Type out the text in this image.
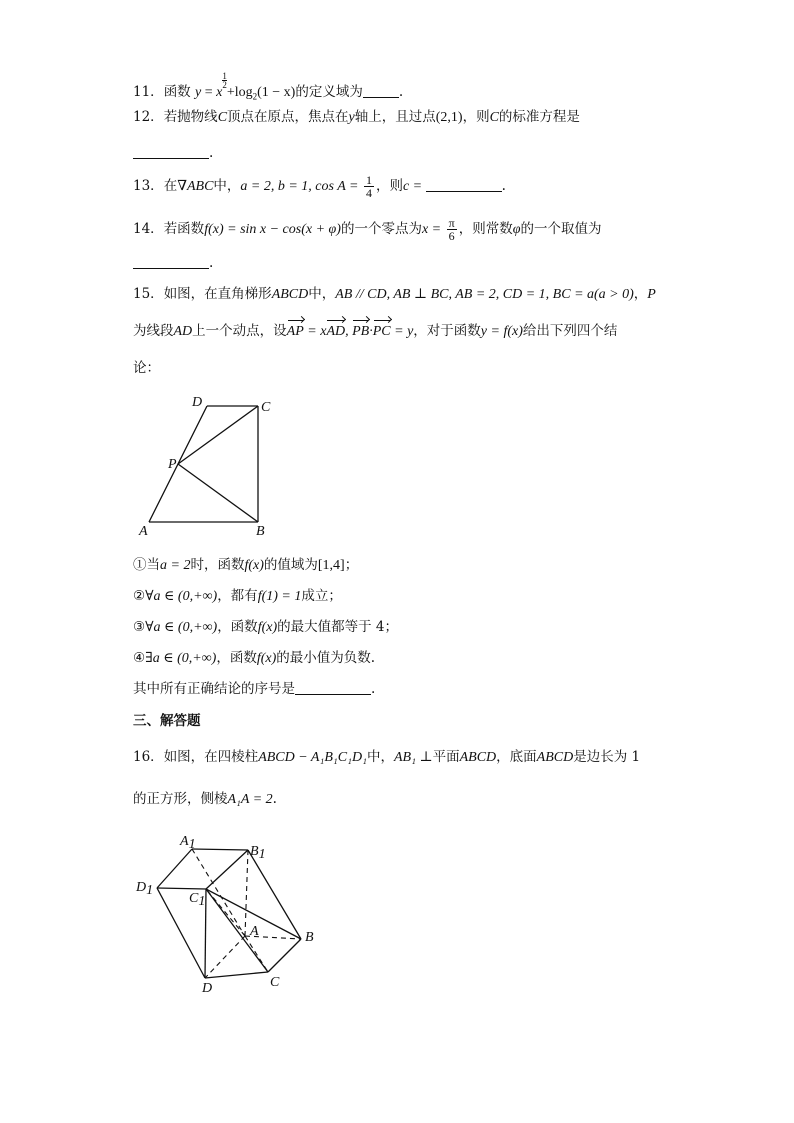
11．函数 y = x
$\frac{1}{2}$
$+\log_2(1 - x)$的定义域为	.
12．若抛物线C顶点在原点，焦点在y轴上，且过点(2,1)，则C的标准方程是
.
13．在∇ABC中，a = 2, b = 1, $\cos A = \frac{1}{4}$ ，则c =	.
14．若函数f(x) = sin x − cos(x + φ)的一个零点为$x = \frac{\pi}{6}$ ，则常数φ的一个取值为
.
15．如图，在直角梯形ABCD中，AB // CD, AB ⊥ BC, AB = 2, CD = 1, BC = a(a > 0)，P
为线段AD上一个动点，设AP = xAD, PB·PC = y，对于函数y = f(x)给出下列四个结
论：
D	C
P
A	B
①当a = 2时，函数f(x)的值域为[1,4]；
②∀a ∈ (0,+∞)，都有f(1) = 1成立；
③∀a ∈ (0,+∞)，函数f(x)的最大值都等于 4；
④∃a ∈ (0,+∞)，函数f(x)的最小值为负数.
其中所有正确结论的序号是	.
三、解答题
16．如图，在四棱柱ABCD − A₁B₁C₁D₁中，AB₁ ⊥平面ABCD，底面ABCD是边长为 1
的正方形，侧棱A₁A = 2.
A1	B1
C1
D1
A	B
C
D
